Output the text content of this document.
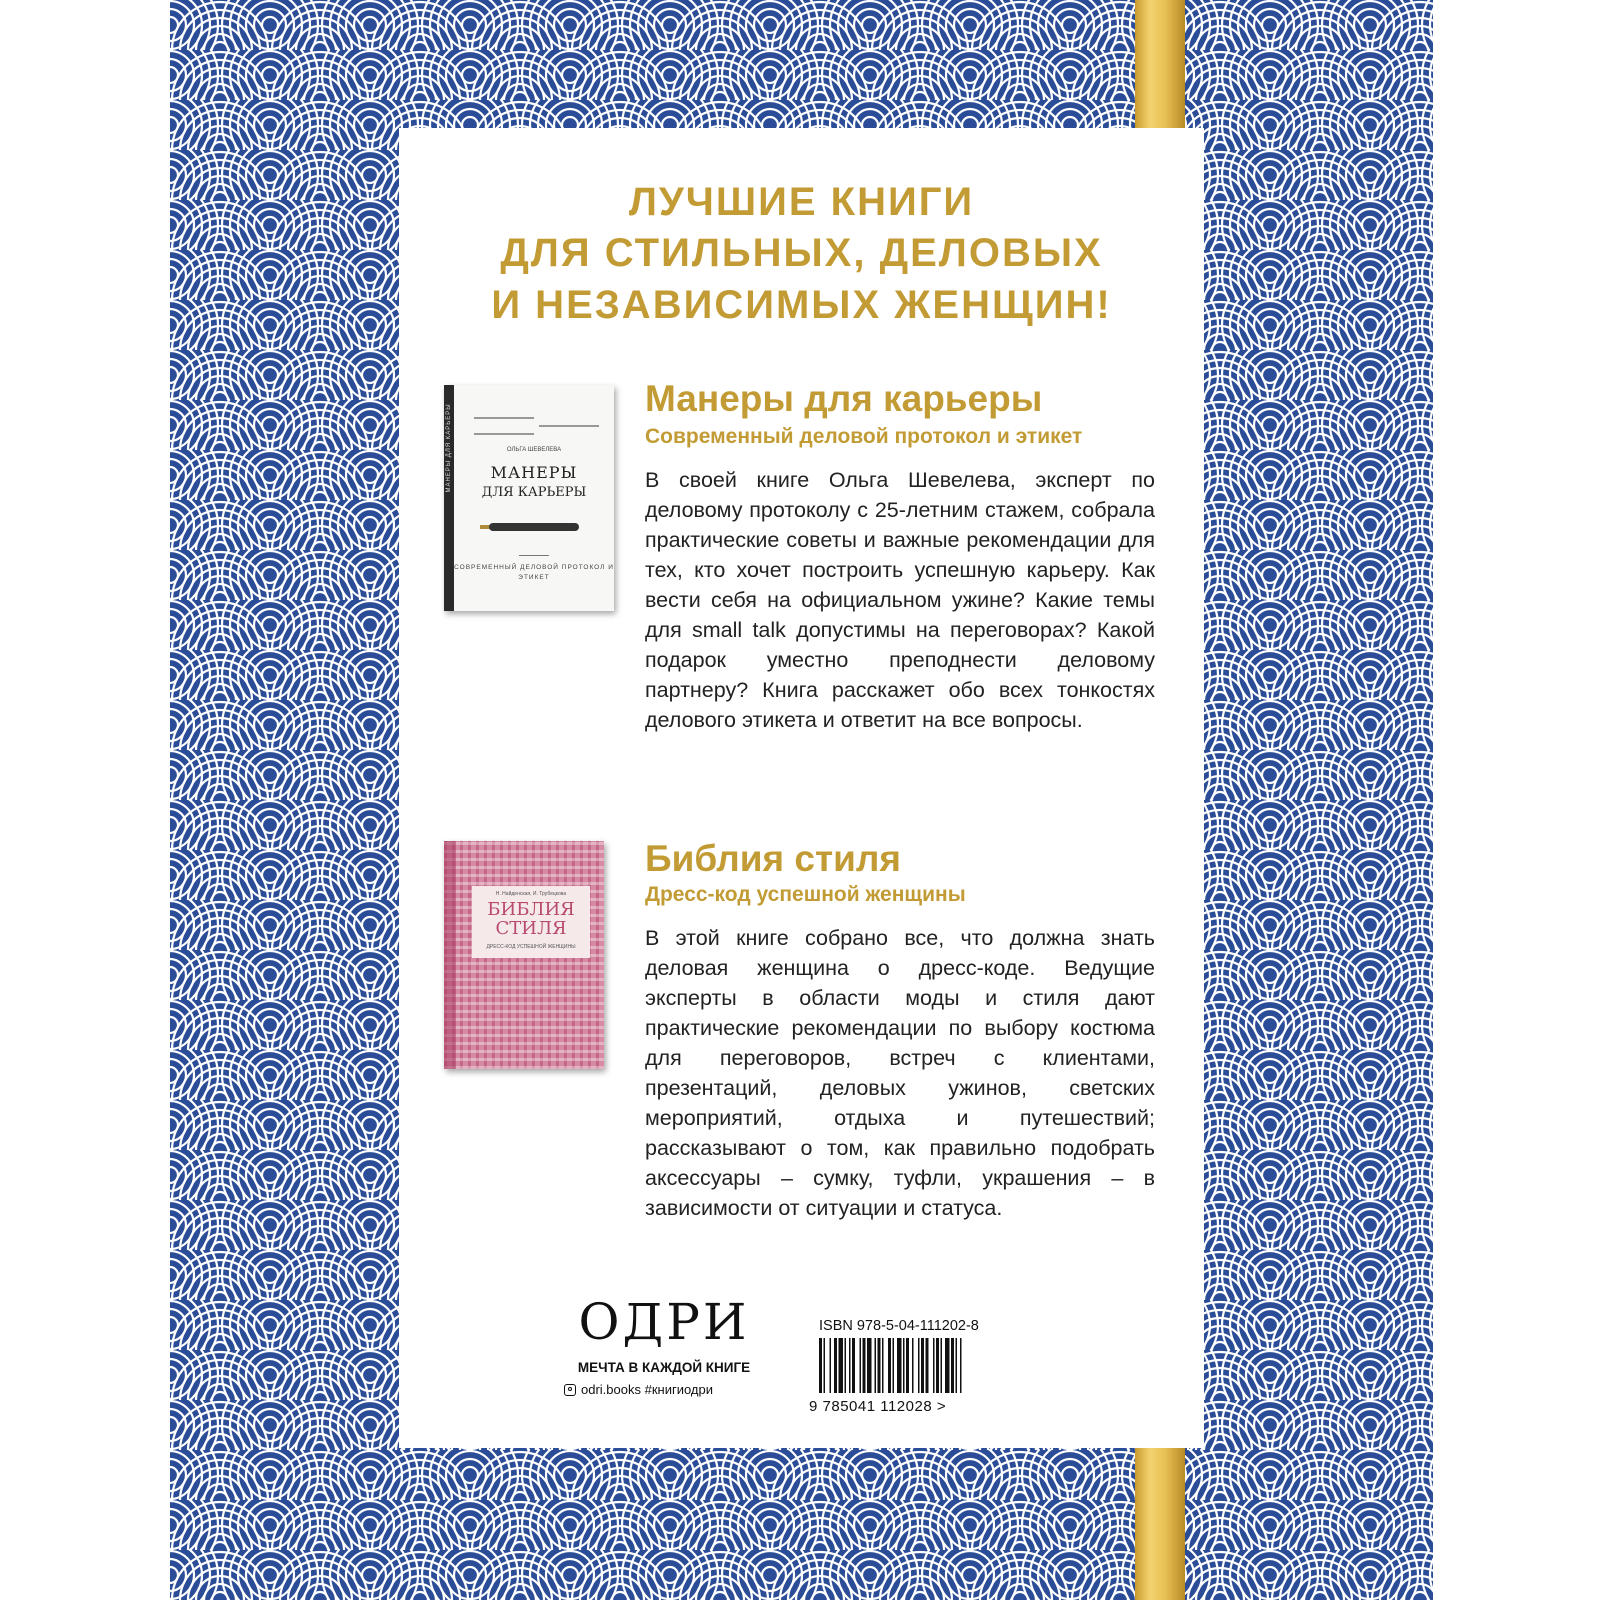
ЛУЧШИЕ КНИГИ
ДЛЯ СТИЛЬНЫХ, ДЕЛОВЫХ
И НЕЗАВИСИМЫХ ЖЕНЩИН!
МАНЕРЫ ДЛЯ КАРЬЕРЫ	ОЛЬГА ШЕВЕЛЕВА
МАНЕРЫ
ДЛЯ КАРЬЕРЫ
СОВРЕМЕННЫЙ ДЕЛОВОЙ ПРОТОКОЛ И ЭТИКЕТ
Манеры для карьеры
Современный деловой протокол и этикет
В своей книге Ольга Шевелева, эксперт по деловому протоколу с 25-летним стажем, собрала практические советы и важные рекомендации для тех, кто хочет построить успешную карьеру. Как вести себя на официальном ужине? Какие темы для small talk допустимы на переговорах? Какой подарок уместно преподнести деловому партнеру? Книга расскажет обо всех тонкостях делового этикета и ответит на все вопросы.
Н. Найденская, И. Трубецкова
БИБЛИЯ
СТИЛЯ
ДРЕСС-КОД УСПЕШНОЙ ЖЕНЩИНЫ
Библия стиля
Дресс-код успешной женщины
В этой книге собрано все, что должна знать деловая женщина о дресс-коде. Ведущие эксперты в области моды и стиля дают практические рекомендации по выбору костюма для переговоров, встреч с клиентами, презентаций, деловых ужинов, светских мероприятий, отдыха и путешествий; рассказывают о том, как правильно подобрать аксессуары – сумку, туфли, украшения – в зависимости от ситуации и статуса.
ОДРИ
МЕЧТА В КАЖДОЙ КНИГЕ
odri.books #книгиодри
ISBN 978-5-04-111202-8
9 785041 112028 >
